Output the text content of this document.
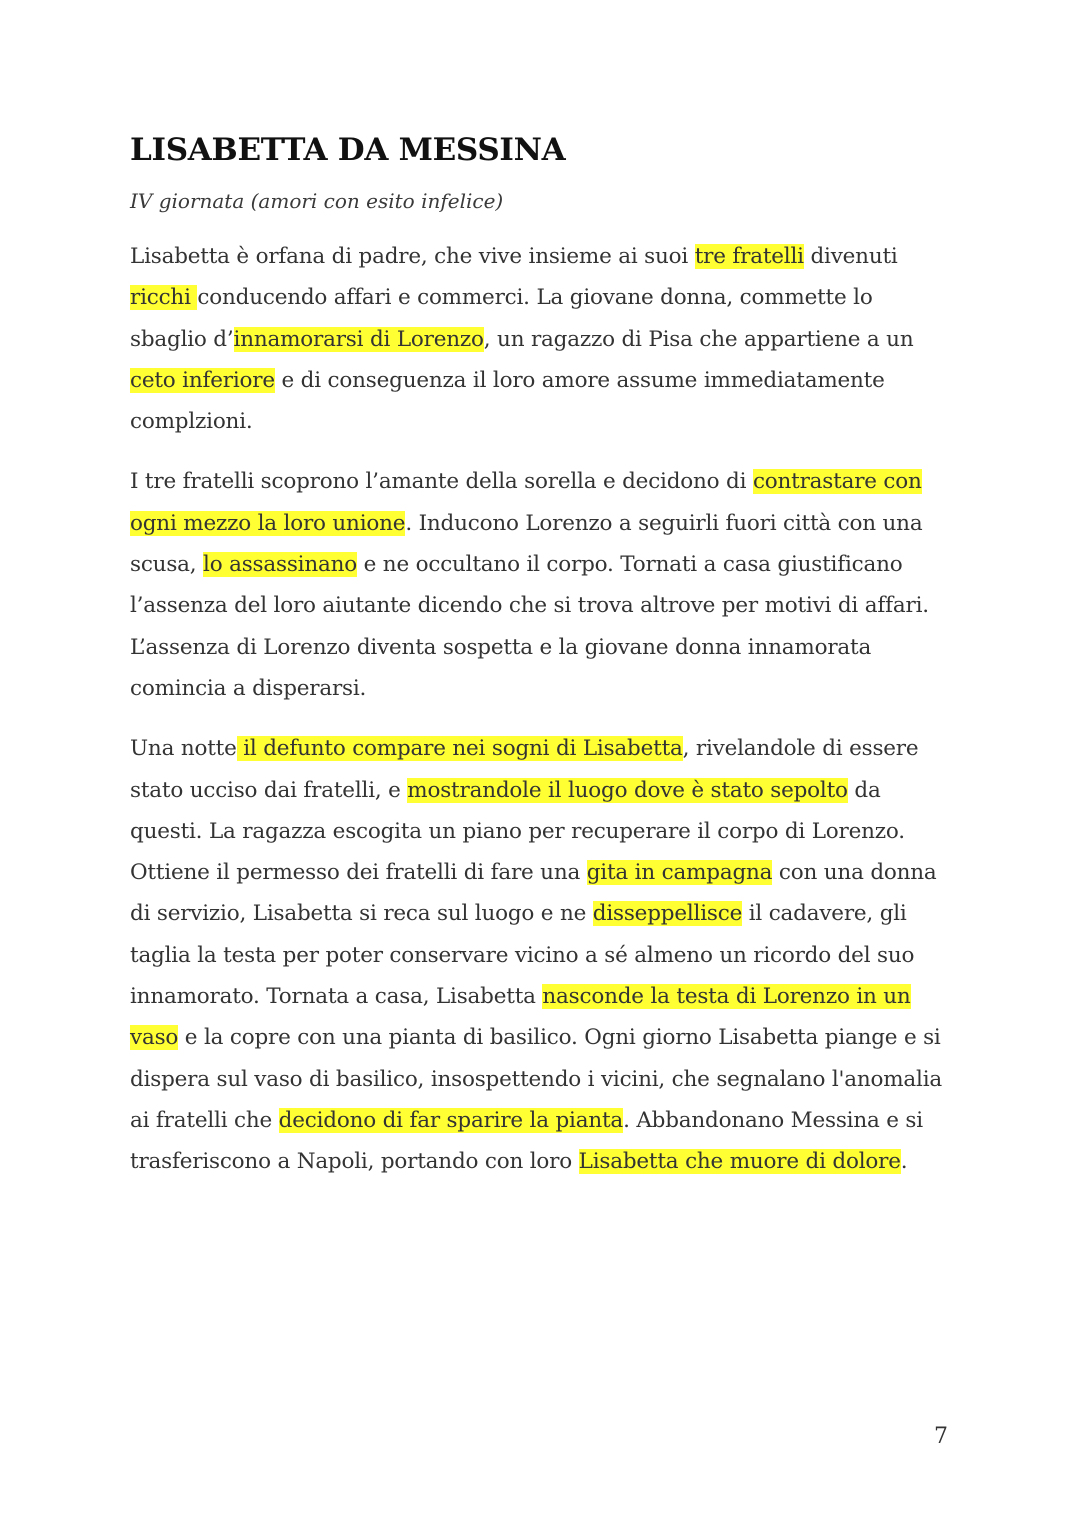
LISABETTA DA MESSINA
IV giornata (amori con esito infelice)

Lisabetta è orfana di padre, che vive insieme ai suoi tre fratelli divenuti ricchi conducendo affari e commerci. La giovane donna, commette lo sbaglio d’innamorarsi di Lorenzo, un ragazzo di Pisa che appartiene a un ceto inferiore e di conseguenza il loro amore assume immediatamente complzioni.

I tre fratelli scoprono l’amante della sorella e decidono di contrastare con ogni mezzo la loro unione. Inducono Lorenzo a seguirli fuori città con una scusa, lo assassinano e ne occultano il corpo. Tornati a casa giustificano l’assenza del loro aiutante dicendo che si trova altrove per motivi di affari. L’assenza di Lorenzo diventa sospetta e la giovane donna innamorata comincia a disperarsi.

Una notte il defunto compare nei sogni di Lisabetta, rivelandole di essere stato ucciso dai fratelli, e mostrandole il luogo dove è stato sepolto da questi. La ragazza escogita un piano per recuperare il corpo di Lorenzo. Ottiene il permesso dei fratelli di fare una gita in campagna con una donna di servizio, Lisabetta si reca sul luogo e ne disseppellisce il cadavere, gli taglia la testa per poter conservare vicino a sé almeno un ricordo del suo innamorato. Tornata a casa, Lisabetta nasconde la testa di Lorenzo in un vaso e la copre con una pianta di basilico. Ogni giorno Lisabetta piange e si dispera sul vaso di basilico, insospettendo i vicini, che segnalano l'anomalia ai fratelli che decidono di far sparire la pianta. Abbandonano Messina e si trasferiscono a Napoli, portando con loro Lisabetta che muore di dolore.

7
